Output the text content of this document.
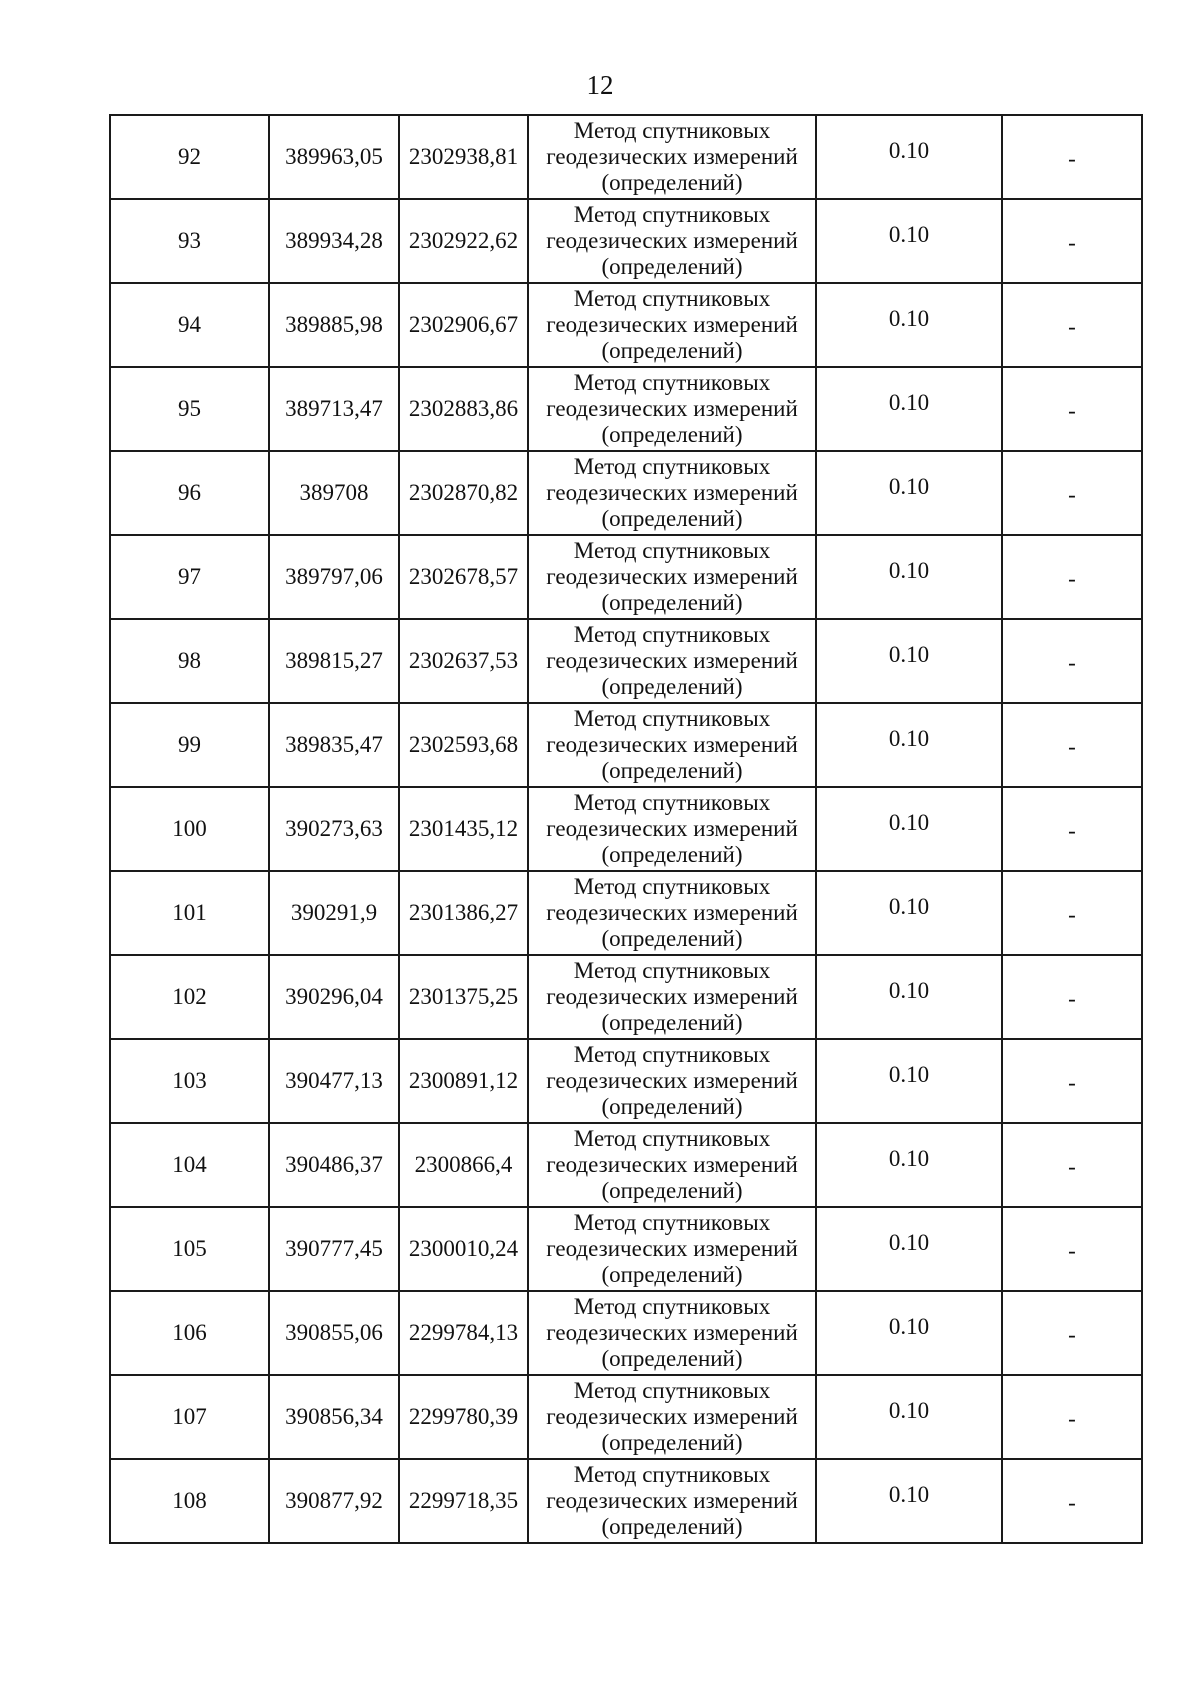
12
92	389963,05	2302938,81	Метод спутниковых
геодезических измерений
(определений)	0.10	-
93	389934,28	2302922,62	Метод спутниковых
геодезических измерений
(определений)	0.10	-
94	389885,98	2302906,67	Метод спутниковых
геодезических измерений
(определений)	0.10	-
95	389713,47	2302883,86	Метод спутниковых
геодезических измерений
(определений)	0.10	-
96	389708	2302870,82	Метод спутниковых
геодезических измерений
(определений)	0.10	-
97	389797,06	2302678,57	Метод спутниковых
геодезических измерений
(определений)	0.10	-
98	389815,27	2302637,53	Метод спутниковых
геодезических измерений
(определений)	0.10	-
99	389835,47	2302593,68	Метод спутниковых
геодезических измерений
(определений)	0.10	-
100	390273,63	2301435,12	Метод спутниковых
геодезических измерений
(определений)	0.10	-
101	390291,9	2301386,27	Метод спутниковых
геодезических измерений
(определений)	0.10	-
102	390296,04	2301375,25	Метод спутниковых
геодезических измерений
(определений)	0.10	-
103	390477,13	2300891,12	Метод спутниковых
геодезических измерений
(определений)	0.10	-
104	390486,37	2300866,4	Метод спутниковых
геодезических измерений
(определений)	0.10	-
105	390777,45	2300010,24	Метод спутниковых
геодезических измерений
(определений)	0.10	-
106	390855,06	2299784,13	Метод спутниковых
геодезических измерений
(определений)	0.10	-
107	390856,34	2299780,39	Метод спутниковых
геодезических измерений
(определений)	0.10	-
108	390877,92	2299718,35	Метод спутниковых
геодезических измерений
(определений)	0.10	-
